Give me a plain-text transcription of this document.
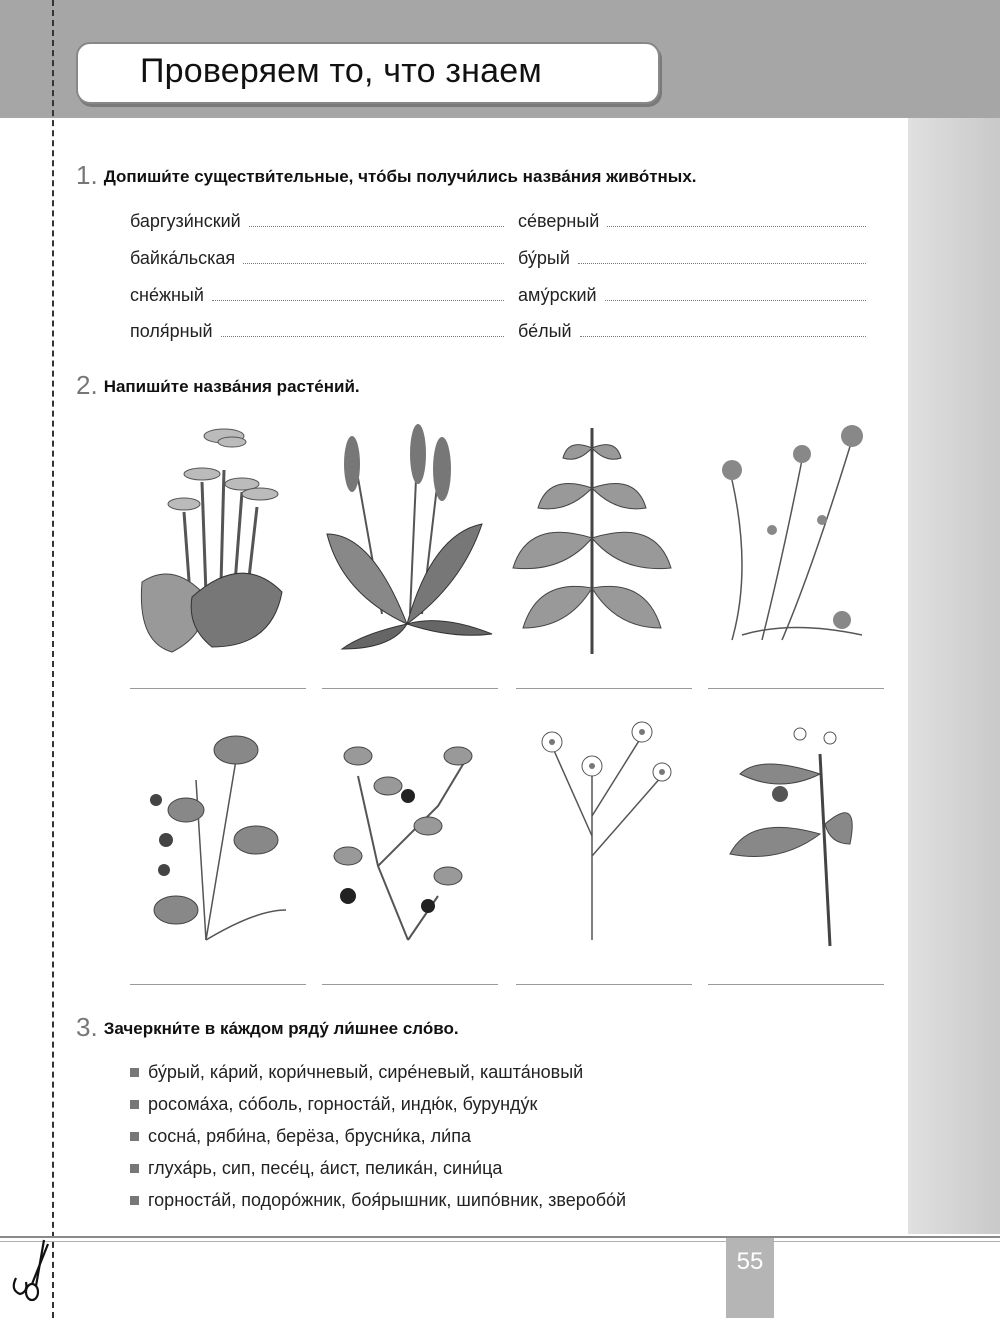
Проверяем то, что знаем
1. Допиши́те существи́тельные, что́бы получи́лись назва́ния живо́тных.
баргузи́нский
байка́льская
сне́жный
поля́рный
се́верный
бу́рый
аму́рский
бе́лый
2. Напиши́те назва́ния расте́ний.
3. Зачеркни́те в ка́ждом ряду́ ли́шнее сло́во.
бу́рый, ка́рий, кори́чневый, сире́невый, кашта́новый
росома́ха, со́боль, горноста́й, индю́к, бурунду́к
сосна́, ряби́на, берёза, брусни́ка, ли́па
глуха́рь, сип, песе́ц, а́ист, пелика́н, сини́ца
горноста́й, подоро́жник, боя́рышник, шипо́вник, зверобо́й
55
